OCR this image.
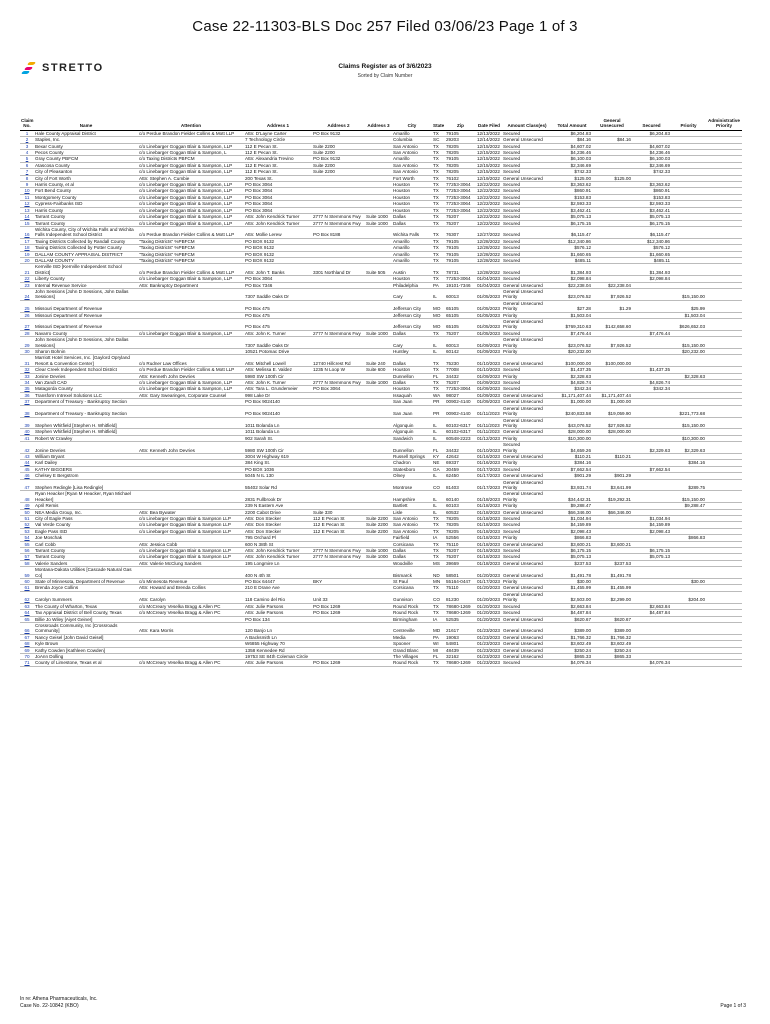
Case 22-11303-BLS Doc 257 Filed 03/06/23 Page 1 of 3
STRETTO	Claims Register as of 3/6/2023
Sorted by Claim Number
Claim
No.	Name	Attention	Address 1	Address 2	Address 3	City	State	Zip	Date Filed	Amount Class(es)	Total Amount	General
Unsecured	Secured	Priority	Administrative
Priority
1	Hale County Appraisal District	c/o Perdue Brandon Fielder Collins & Mott LLP	Attn: D'Layne Carter	PO Box 9132		Amarillo	TX	79105	12/13/2022	Secured	$6,204.83		$6,204.83		
2	Staples, Inc.		7 Technology Circle			Columbia	SC	29203	12/14/2022	General Unsecured	$84.16	$84.16			
3	Bexar County	c/o Linebarger Goggan Blair & Sampson, LLP	112 E Pecan St.	Suite 2200		San Antonio	TX	78205	12/15/2022	Secured	$4,607.02		$4,607.02		
4	Pecos County	c/o Linebarger Goggan Blair & Sampson, L	112 E Pecan St.	Suite 2200		San Antonio	TX	78205	12/15/2022	Secured	$4,236.46		$4,236.46		
5	Gray County PBFCM	c/o Taxing Districts PBFCM	Attn: Alexandria Trevino	PO Box 9132		Amarillo	TX	79105	12/15/2022	Secured	$6,100.03		$6,100.03		
6	Atascosa County	c/o Linebarger Goggan Blair & Sampson, LLP	112 E Pecan St.	Suite 2200		San Antonio	TX	78205	12/15/2022	Secured	$2,346.69		$2,346.69		
7	City of Pleasanton	c/o Linebarger Goggan Blair & Sampson, LLP	112 E Pecan St.	Suite 2200		San Antonio	TX	78205	12/15/2022	Secured	$742.33		$742.33		
8	City of Fort Worth	Attn: Stephen A. Cumbie	200 Texas St.			Fort Worth	TX	76102	12/19/2022	General Unsecured	$125.00	$125.00			
9	Harris County, et al	c/o Linebarger Goggan Blair & Sampson, LLP	PO Box 3064			Houston	TX	77253-3064	12/22/2022	Secured	$3,363.62		$3,363.62		
10	Fort Bend County	c/o Linebarger Goggan Blair & Sampson, LLP	PO Box 3064			Houston	TX	77253-3064	12/22/2022	Secured	$860.91		$860.91		
11	Montgomery County	c/o Linebarger Goggan Blair & Sampson, LLP	PO Box 3064			Houston	TX	77253-3064	12/22/2022	Secured	$153.83		$153.83		
12	Cypress-Fairbanks ISD	c/o Linebarger Goggan Blair & Sampson, LLP	PO Box 3064			Houston	TX	77253-3064	12/22/2022	Secured	$2,593.33		$2,593.33		
13	Harris County	c/o Linebarger Goggan Blair & Sampson, LLP	PO Box 3064			Houston	TX	77253-3064	12/22/2022	Secured	$3,462.41		$3,462.41		
14	Tarrant County	c/o Linebarger Goggan Blair & Sampson, LLP	Attn: John Kendrick Turner	2777 N Stemmons Fwy	Suite 1000	Dallas	TX	75207	12/22/2022	Secured	$5,075.13		$5,075.13		
15	Tarrant County	c/o Linebarger Goggan Blair & Sampson, LLP	Attn: John Kendrick Turner	2777 N Stemmons Fwy	Suite 1000	Dallas	TX	75207	12/22/2022	Secured	$6,175.15		$6,175.15		
16	Wichita County, City of Wichita Falls and Wichita
Falls Independent School District	c/o Perdue Brandon Fielder Collins & Mott LLP	Attn: Mollie Lerew	PO Box 8188		Wichita Falls	TX	76307	12/27/2022	Secured	$6,115.47		$6,115.47		
17	Taxing Districts Collected by Randall County	"Taxing Districts" %PBFCM	PO BOX 9132			Amarillo	TX	79105	12/28/2022	Secured	$12,340.86		$12,340.86		
18	Taxing Districts Collected by Potter County	"Taxing Districts" %PBFCM	PO BOX 9132			Amarillo	TX	79105	12/28/2022	Secured	$576.12		$576.12		
19	DALLAM COUNTY APPRAISAL DISTRICT	"Taxing Districts" %PBFCM	PO BOX 9132			Amarillo	TX	79105	12/28/2022	Secured	$1,660.65		$1,660.65		
20	DALLAM COUNTY	"Taxing Districts" %PBFCM	PO BOX 9132			Amarillo	TX	79105	12/28/2022	Secured	$485.11		$485.11		
21	Kerrville ISD [Kerrville Independent School District]	c/o Perdue Brandon Fielder Collins & Mott LLP	Attn: John T. Banks	3301 Northland Dr	Suite 505	Austin	TX	78731	12/28/2022	Secured	$1,384.93		$1,384.93		
22	Liberty County	c/o Linebarger Goggan Blair & Sampson, LLP	PO Box 3064			Houston	TX	77253-3064	01/04/2023	Secured	$2,098.84		$2,098.84		
23	Internal Revenue Service	Attn: Bankruptcy Department	PO Box 7346			Philadelphia	PA	19101-7346	01/04/2023	General Unsecured	$22,238.04	$22,238.04			
24	John Sessions [John D Sessions, John Dallas
Sessions]		7307 Saddle Oaks Dr			Cary	IL	60013	01/05/2023	General Unsecured
Priority	$23,076.52	$7,926.52		$15,150.00	
25	Missouri Department of Revenue		PO Box 475			Jefferson City	MO	65105	01/05/2023	General Unsecured
Priority	$27.28	$1.29		$25.99	
26	Missouri Department of Revenue		PO Box 475			Jefferson City	MO	65105	01/05/2023	Priority	$1,503.04			$1,503.04	
27	Missouri Department of Revenue		PO Box 475			Jefferson City	MO	65105	01/05/2023	General Unsecured
Priority	$769,310.63	$142,658.60		$626,652.03	
28	Navarro County	c/o Linebarger Goggan Blair & Sampson, LLP	Attn: John K. Turner	2777 N Stemmons Fwy	Suite 1000	Dallas	TX	75207	01/05/2023	Secured	$7,476.44		$7,476.44		
29	John Sessions [John D Sessions, John Dallas
Sessions]		7307 Saddle Oaks Dr			Cary	IL	60013	01/09/2023	General Unsecured
Priority	$23,076.52	$7,926.52		$15,150.00	
30	Sharon Bohnin		10521 Potomac Drive			Huntley	IL	60142	01/09/2023	Priority	$20,232.00			$20,232.00	
31	Marriott Hotel Services, Inc. [Gaylord Opryland
Resort & Convention Center]	c/o Rudner Law Offices	Attn: Mitchell Lowell	12740 Hillcrest Rd	Suite 240	Dallas	TX	75230	01/10/2023	General Unsecured	$100,000.00	$100,000.00			
32	Clear Creek Independent School District	c/o Perdue Brandon Fielder Collins & Mott LLP	Attn: Melissa E. Valdez	1235 N Loop W	Suite 600	Houston	TX	77008	01/10/2023	Secured	$1,437.35		$1,437.35		
33	Jonine Devries	Attn: Kenneth John Devries	5980 SW 100th Cir			Dunnellon	FL	34432	01/09/2023	Priority	$2,328.63			$2,328.63	
34	Van Zandt CAD	c/o Linebarger Goggan Blair & Sampson, LLP	Attn: John K. Turner	2777 N Stemmons Fwy	Suite 1000	Dallas	TX	75207	01/09/2023	Secured	$4,826.74		$4,826.74		
35	Matagorda County	c/o Linebarger Goggan Blair & Sampson, LLP	Attn: Tara L. Grundemeier	PO Box 3064		Houston	TX	77253-3064	01/09/2023	Secured	$342.34		$342.34		
36	Transform Intrexel Solutions LLC	Attn: Gary Swearingen, Corporate Counsel	998 Lake Dr			Issaquah	WA	98027	01/09/2023	General Unsecured	$1,171,407.44	$1,171,407.44			
37	Department of Treasury - Bankruptcy Section		PO Box 9024140			San Juan	PR	00902-4140	01/09/2023	General Unsecured	$1,000.00	$1,000.00			
38	Department of Treasury - Bankruptcy Section		PO Box 9024140			San Juan	PR	00902-4140	01/11/2023	General Unsecured
Priority	$240,833.58	$19,059.90		$221,773.68	
39	Stephen Whitfield [Stephen H. Whitfield]		1011 Bolanda Ln			Algonquin	IL	60102-6317	01/11/2023	General Unsecured
Priority	$43,076.52	$27,926.52		$15,150.00	
40	Stephen Whitfield [Stephen H. Whitfield]		1011 Bolanda Ln			Algonquin	IL	60102-6317	01/11/2023	General Unsecured	$28,000.00	$28,000.00			
41	Robert W Crawley		902 Sarah St.			Sandwich	IL	60548-2223	01/12/2023	Priority	$10,300.00			$10,300.00	
42	Jonine Devries	Attn: Kenneth John Devries	5980 SW 100th Cir			Dunnellon	FL	34432	01/10/2023	Secured
Priority	$4,659.26		$2,329.63	$2,329.63	
43	William Bryant		3004 W Highway 619			Russell Springs	KY	42642	01/16/2023	General Unsecured	$110.21	$110.21			
44	Karl Dailey		384 King St.			Chadron	NE	69337	01/16/2023	Priority	$384.16			$384.16	
45	KATHY BIGGERS		PO BOX 1036			Statesboro	GA	30459	01/17/2023	Secured	$7,662.54		$7,662.54		
46	Chelsey E Bergstrom		5045 N IL 130			Olney	IL	62450	01/17/2023	General Unsecured	$901.29	$901.29			
47	Stephen Redingle [Lisa Redingle]		55402 Solar Rd			Montrose	CO	81403	01/17/2023	General Unsecured
Priority	$3,931.74	$3,641.99		$289.75	
48	Ryan Heacker [Ryan M Heacker, Ryan Michael
Heacker]		2831 Fullbrook Dr			Hampshire	IL	60140	01/18/2023	General Unsecured
Priority	$34,442.31	$19,292.31		$15,150.00	
49	April Remis		239 N Eastern Ave			Bartlett	IL	60103	01/18/2023	Priority	$9,288.47			$9,288.47	
50	NEA Media Group, Inc.	Attn: Bea Bywater	2200 Cabot Drive	Suite 330		Lisle	IL	60532	01/18/2023	General Unsecured	$66,346.00	$66,346.00			
51	City of Eagle Pass	c/o Linebarger Goggan Blair & Sampson LLP	Attn: Don Stecker	112 E Pecan St	Suite 2200	San Antonio	TX	78205	01/18/2023	Secured	$1,034.94		$1,034.94		
52	Val Verde County	c/o Linebarger Goggan Blair & Sampson LLP	Attn: Don Stecker	112 E Pecan St	Suite 2200	San Antonio	TX	78205	01/18/2023	Secured	$4,159.89		$4,159.89		
53	Eagle Pass ISD	c/o Linebarger Goggan Blair & Sampson LLP	Attn: Don Stecker	112 E Pecan St	Suite 2200	San Antonio	TX	78205	01/18/2023	Secured	$2,098.43		$2,098.43		
54	Joe Moschak		795 Orchard Pl			Fairfield	IA	52556	01/18/2023	Priority	$866.83			$866.83	
55	Carl Cobb	Attn: Jessica Cobb	600 N 38th St			Corsicana	TX	75110	01/18/2023	General Unsecured	$3,600.21	$3,600.21			
56	Tarrant County	c/o Linebarger Goggan Blair & Sampson LLP	Attn: John Kendrick Turner	2777 N Stemmons Fwy	Suite 1000	Dallas	TX	75207	01/18/2023	Secured	$6,175.15		$6,175.15		
57	Tarrant County	c/o Linebarger Goggan Blair & Sampson LLP	Attn: John Kendrick Turner	2777 N Stemmons Fwy	Suite 1000	Dallas	TX	75207	01/18/2023	Secured	$5,075.13		$5,075.13		
58	Valerie Sanders	Attn: Valerie McClung Sanders	195 Longmire Ln			Woodville	MS	39669	01/18/2023	General Unsecured	$237.53	$237.53			
59	Montana-Dakota Utilities [Cascade Natural Gas Co]		400 N 4th St			Bismarck	ND	58501	01/20/2023	General Unsecured	$1,491.78	$1,491.78			
60	State of Minnesota, Department of Revenue	c/o Minnesota Revenue	PO Box 64447	BKY		St Paul	MN	55164-0447	01/17/2023	Priority	$30.00			$30.00	
61	Brenda Joyce Collins	Attn: Howard and Brenda Collins	210 E Drane Ave			Corsicana	TX	75110	01/20/2023	General Unsecured	$1,455.99	$1,455.99			
62	Carolyn Summers	Attn: Carolyn	118 Camino del Rio	Unit 33		Gunnison	CO	81230	01/20/2023	General Unsecured
Priority	$2,503.00	$2,299.00		$204.00	
63	The County of Wharton, Texas	c/o McCreary Veselka Bragg & Allen PC	Attn: Julie Parsons	PO Box 1269		Round Rock	TX	78680-1269	01/20/2023	Secured	$2,663.84		$2,663.84		
64	Tax Appraisal District of Bell County, Texas	c/o McCreary Veselka Bragg & Allen PC	Attn: Julie Parsons	PO Box 1269		Round Rock	TX	78680-1269	01/20/2023	Secured	$4,487.84		$4,487.84		
65	Billie Jo Wiley [Aiyet Geiner]		PO Box 134			Birmingham	IA	52535	01/20/2023	General Unsecured	$620.67	$620.67			
66	Crossroads Community, Inc [Crossroads
Community]	Attn: Kara Morris	120 Banjo Ln			Centreville	MD	21617	01/23/2023	General Unsecured	$389.00	$389.00			
67	Nancy Geisel [John David Geisel]		A Backsmith Ln			Media	PA	19063	01/23/2023	General Unsecured	$1,766.32	$1,766.32			
68	Kyle Brown		W6855 Highway 70			Spooner	WI	54801	01/23/2023	General Unsecured	$3,602.49	$3,602.49			
69	Kathy Cowden [Kathleen Cowden]		1358 Kennedee Rd			Grand Blanc	MI	48439	01/23/2023	General Unsecured	$250.24	$250.24			
70	JoAnn Dolling		19753 SE 84th Coleman Circle			The Villages	FL	32162	01/23/2023	General Unsecured	$865.33	$865.33			
71	County of Limestone, Texas et al	c/o McCreary Veselka Bragg & Allen PC	Attn: Julie Parsons	PO Box 1269		Round Rock	TX	78680-1269	01/23/2023	Secured	$4,076.34		$4,076.34		
In re: Athena Pharmaceuticals, Inc.
Case No. 22-10842 (KBO)	Page 1 of 3
